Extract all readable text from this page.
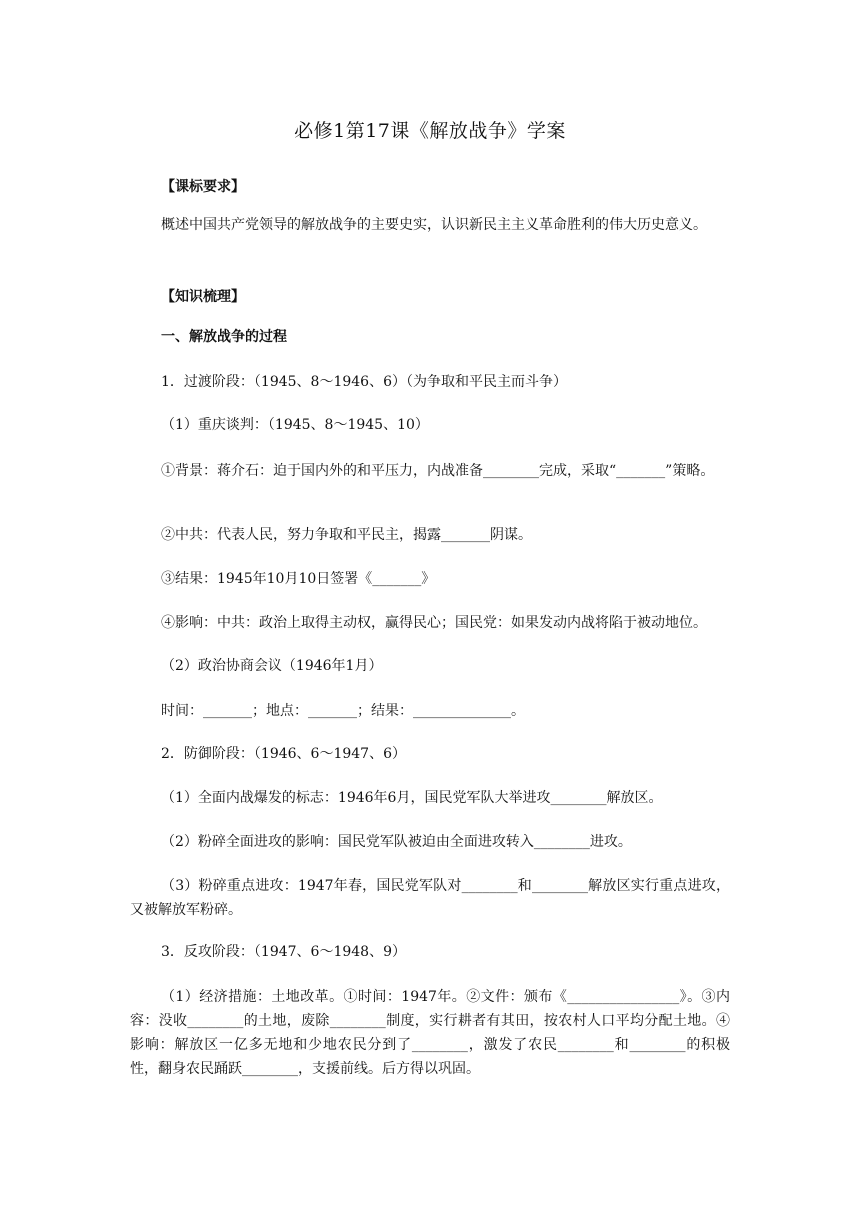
必修1第17课《解放战争》学案
【课标要求】
概述中国共产党领导的解放战争的主要史实，认识新民主主义革命胜利的伟大历史意义。
【知识梳理】
一、解放战争的过程
1．过渡阶段：（1945、8～1946、6）（为争取和平民主而斗争）
（1）重庆谈判：（1945、8～1945、10）
①背景：蒋介石：迫于国内外的和平压力，内战准备________完成，采取“_______”策略。
②中共：代表人民，努力争取和平民主，揭露_______阴谋。
③结果：1945年10月10日签署《_______》
④影响：中共：政治上取得主动权，赢得民心；国民党：如果发动内战将陷于被动地位。
（2）政治协商会议（1946年1月）
时间：_______；地点：_______；结果：______________。
2．防御阶段：（1946、6～1947、6）
（1）全面内战爆发的标志：1946年6月，国民党军队大举进攻________解放区。
（2）粉碎全面进攻的影响：国民党军队被迫由全面进攻转入________进攻。
（3）粉碎重点进攻：1947年春，国民党军队对________和________解放区实行重点进攻，又被解放军粉碎。
3．反攻阶段：（1947、6～1948、9）
（1）经济措施：土地改革。①时间：1947年。②文件：颁布《________________》。③内容：没收________的土地，废除________制度，实行耕者有其田，按农村人口平均分配土地。④影响：解放区一亿多无地和少地农民分到了________，激发了农民________和________的积极性，翻身农民踊跃________，支援前线。后方得以巩固。
